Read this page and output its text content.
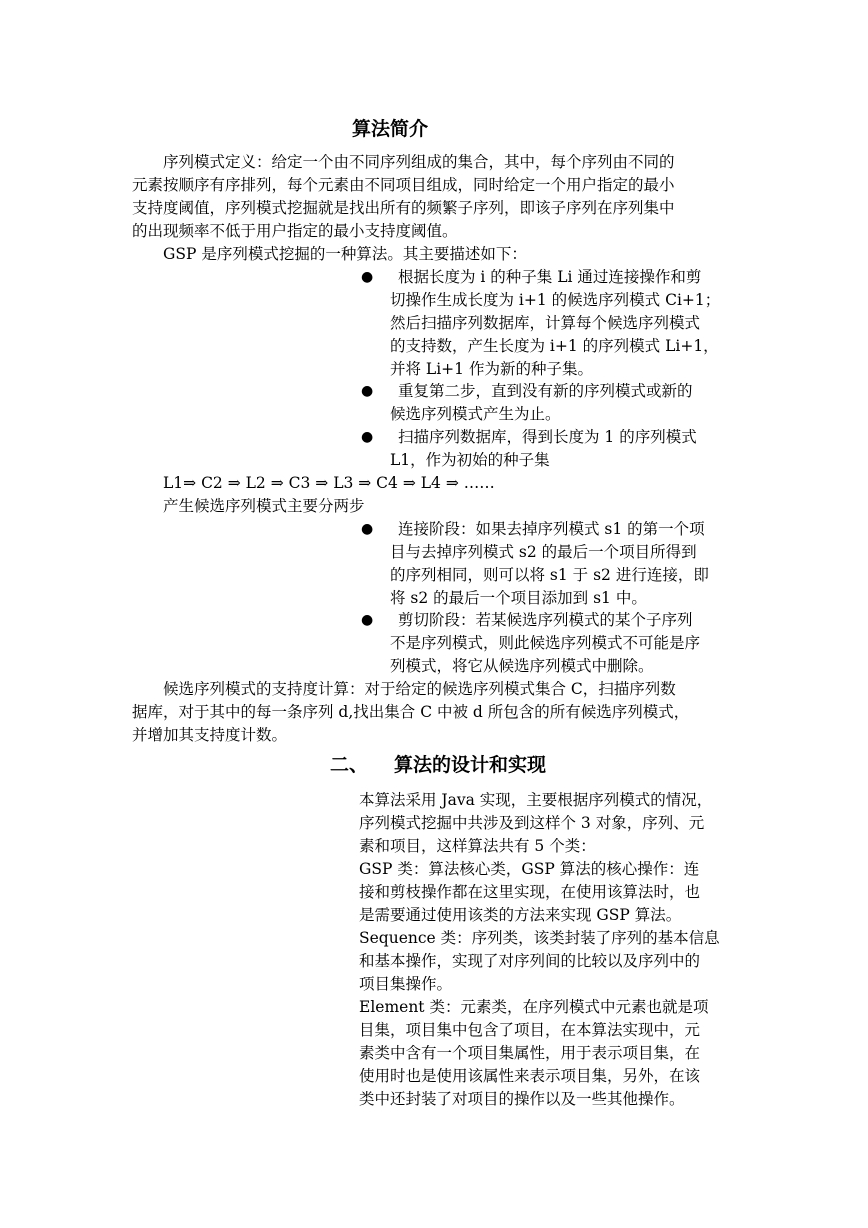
算法简介
序列模式定义：给定一个由不同序列组成的集合，其中，每个序列由不同的
元素按顺序有序排列，每个元素由不同项目组成，同时给定一个用户指定的最小
支持度阈值，序列模式挖掘就是找出所有的频繁子序列，即该子序列在序列集中
的出现频率不低于用户指定的最小支持度阈值。
GSP 是序列模式挖掘的一种算法。其主要描述如下：
● 根据长度为 i 的种子集 Li 通过连接操作和剪
切操作生成长度为 i+1 的候选序列模式 Ci+1；
然后扫描序列数据库，计算每个候选序列模式
的支持数，产生长度为 i+1 的序列模式 Li+1，
并将 Li+1 作为新的种子集。
● 重复第二步，直到没有新的序列模式或新的
候选序列模式产生为止。
● 扫描序列数据库，得到长度为 1 的序列模式
L1，作为初始的种子集
L1⇒ C2 ⇒ L2 ⇒ C3 ⇒ L3 ⇒ C4 ⇒ L4 ⇒ ……
产生候选序列模式主要分两步
● 连接阶段：如果去掉序列模式 s1 的第一个项
目与去掉序列模式 s2 的最后一个项目所得到
的序列相同，则可以将 s1 于 s2 进行连接，即
将 s2 的最后一个项目添加到 s1 中。
● 剪切阶段：若某候选序列模式的某个子序列
不是序列模式，则此候选序列模式不可能是序
列模式，将它从候选序列模式中删除。
候选序列模式的支持度计算：对于给定的候选序列模式集合 C，扫描序列数
据库，对于其中的每一条序列 d,找出集合 C 中被 d 所包含的所有候选序列模式，
并增加其支持度计数。
二、 算法的设计和实现
本算法采用 Java 实现，主要根据序列模式的情况，
序列模式挖掘中共涉及到这样个 3 对象，序列、元
素和项目，这样算法共有 5 个类：
GSP 类：算法核心类，GSP 算法的核心操作：连
接和剪枝操作都在这里实现，在使用该算法时，也
是需要通过使用该类的方法来实现 GSP 算法。
Sequence 类：序列类，该类封装了序列的基本信息
和基本操作，实现了对序列间的比较以及序列中的
项目集操作。
Element 类：元素类，在序列模式中元素也就是项
目集，项目集中包含了项目，在本算法实现中，元
素类中含有一个项目集属性，用于表示项目集，在
使用时也是使用该属性来表示项目集，另外，在该
类中还封装了对项目的操作以及一些其他操作。
